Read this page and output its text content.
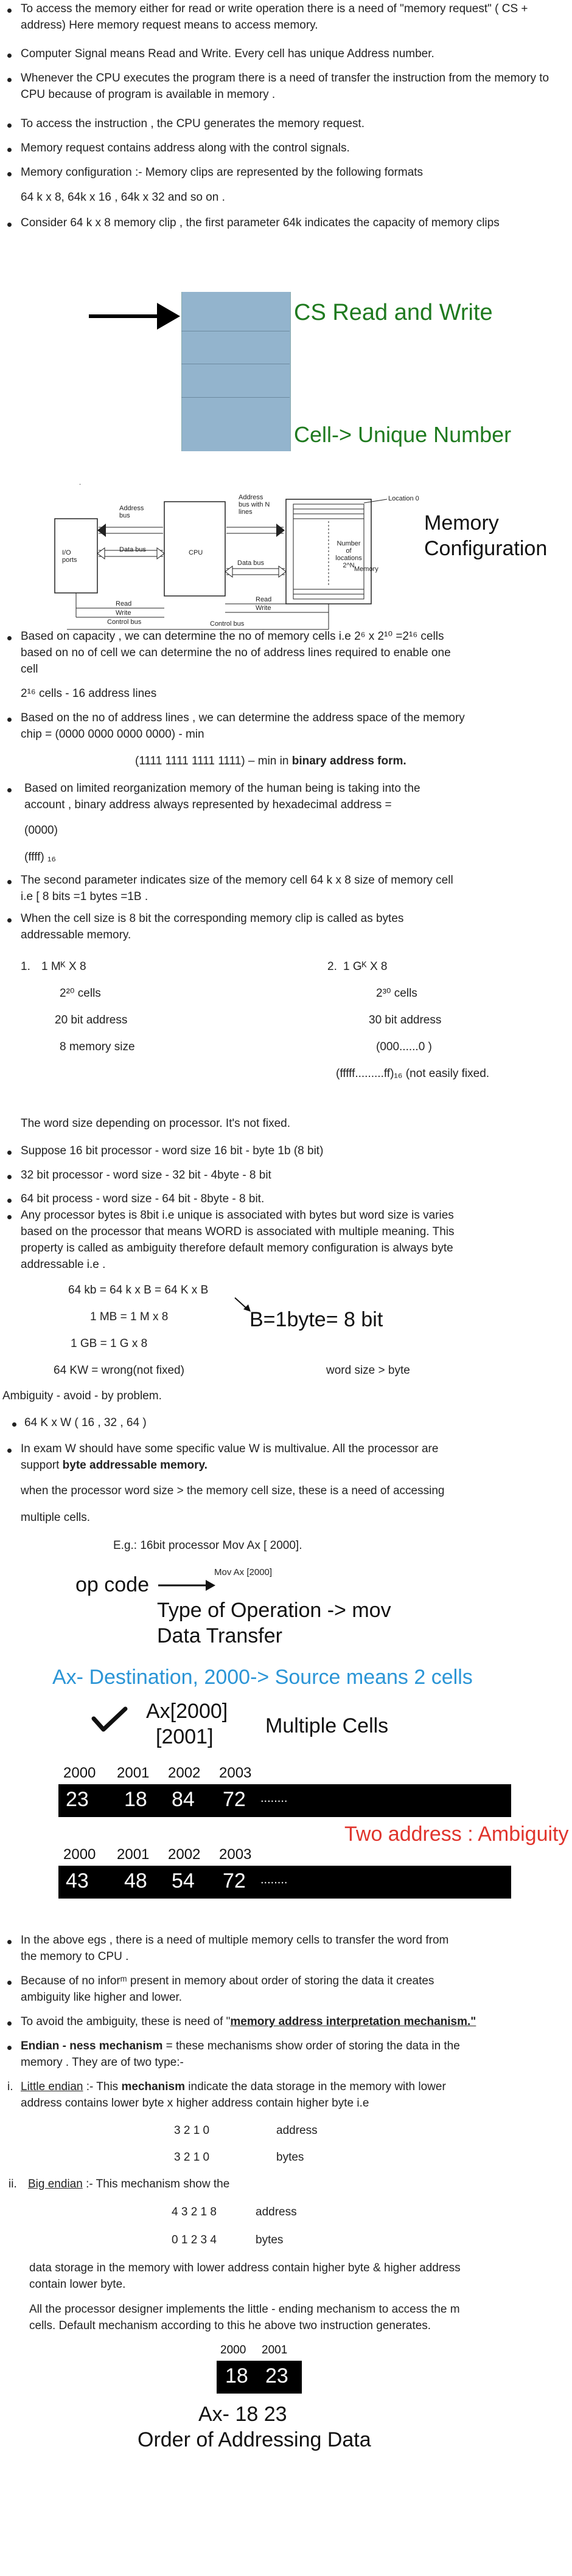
To access the memory either for read or write operation there is a need of "memory request" ( CS + address) Here memory request means to access memory.
Computer Signal means Read and Write. Every cell has unique Address number.
Whenever the CPU executes the program there is a need of transfer the instruction from the memory to CPU because of program is available in memory .
To access the instruction , the CPU generates the memory request.
Memory request contains address along with the control signals.
Memory configuration :- Memory clips are represented by the following formats
64 k x 8, 64k x 16 , 64k x 32 and so on .
Consider 64 k x 8 memory clip , the first parameter 64k indicates the capacity of memory clips
CS Read and Write
Cell-> Unique Number
.
Location 0
Address bus
Data bus
I/O ports
CPU
Address bus with N lines
Data bus
Number of locations 2^N Memory
Read
Write
Control bus
Read
Write
Control bus
Memory
Configuration
Based on capacity , we can determine the no of memory cells i.e 2⁶ x 2¹⁰ =2¹⁶ cells
based on no of cell we can determine the no of address lines required to enable one
cell
2¹⁶ cells - 16 address lines
Based on the no of address lines , we can determine the address space of the memory
chip = (0000 0000 0000 0000) - min
(1111 1111 1111 1111) – min in binary address form.
Based on limited reorganization memory of the human being is taking into the
account , binary address always represented by hexadecimal address =
(0000)
(ffff) ₁₆
The second parameter indicates size of the memory cell 64 k x 8 size of memory cell
i.e [ 8 bits =1 bytes =1B .
When the cell size is 8 bit the corresponding memory clip is called as bytes
addressable memory.
1. 1 Mᴷ X 8
2²⁰ cells
20 bit address
8 memory size
2. 1 Gᴷ X 8
2³⁰ cells
30 bit address
(000......0 )
(fffff.........ff)₁₆ (not easily fixed.
The word size depending on processor. It's not fixed.
Suppose 16 bit processor - word size 16 bit - byte 1b (8 bit)
32 bit processor - word size - 32 bit - 4byte - 8 bit
64 bit process - word size - 64 bit - 8byte - 8 bit.
Any processor bytes is 8bit i.e unique is associated with bytes but word size is varies
based on the processor that means WORD is associated with multiple meaning. This
property is called as ambiguity therefore default memory configuration is always byte
addressable i.e .
64 kb = 64 k x B = 64 K x B
1 MB = 1 M x 8	B=1byte= 8 bit
1 GB = 1 G x 8
64 KW = wrong(not fixed)	word size > byte
Ambiguity - avoid - by problem.
64 K x W ( 16 , 32 , 64 )
In exam W should have some specific value W is multivalue. All the processor are
support byte addressable memory.
when the processor word size > the memory cell size, these is a need of accessing
multiple cells.
E.g.: 16bit processor Mov Ax [ 2000].
Mov Ax [2000]
op code
Type of Operation -> mov
Data Transfer
Ax- Destination, 2000-> Source means 2 cells
Ax[2000]
[2001]	Multiple Cells
2000 2001 2002 2003
23 18 84 72 ........
Two address : Ambiguity
2000 2001 2002 2003
43 48 54 72 ........
In the above egs , there is a need of multiple memory cells to transfer the word from
the memory to CPU .
Because of no inforᵐ present in memory about order of storing the data it creates
ambiguity like higher and lower.
To avoid the ambiguity, these is need of "memory address interpretation mechanism."
Endian - ness mechanism = these mechanisms show order of storing the data in the
memory . They are of two type:-
i. Little endian :- This mechanism indicate the data storage in the memory with lower
address contains lower byte x higher address contain higher byte i.e
3 2 1 0	address
3 2 1 0	bytes
ii. Big endian :- This mechanism show the
4 3 2 1 8	address
0 1 2 3 4	bytes
data storage in the memory with lower address contain higher byte & higher address
contain lower byte.
All the processor designer implements the little - ending mechanism to access the m
cells. Default mechanism according to this he above two instruction generates.
2000 2001
18 23
Ax- 18 23
Order of Addressing Data
